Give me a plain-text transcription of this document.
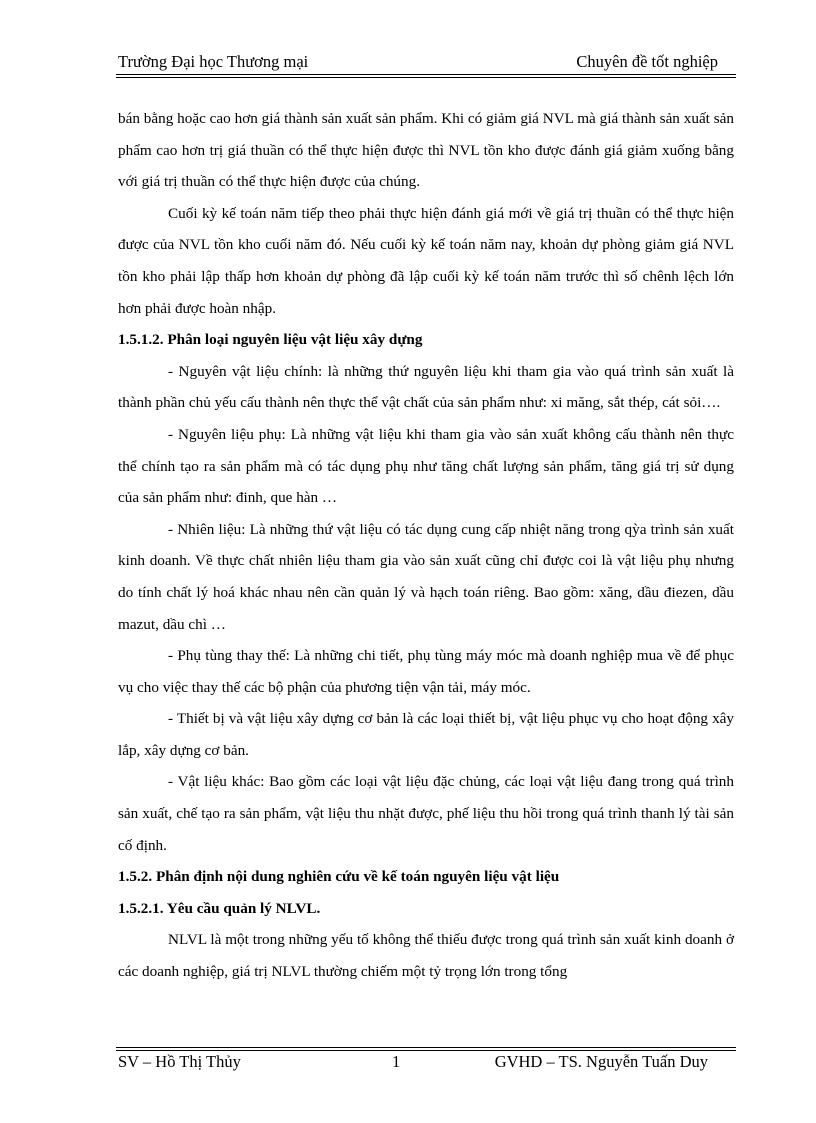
Trường Đại học Thương mại	Chuyên đề tốt nghiệp

bán bằng hoặc cao hơn giá thành sản xuất sản phẩm. Khi có giảm giá NVL mà giá thành sản xuất sản phẩm cao hơn trị giá thuần có thể thực hiện được thì NVL tồn kho được đánh giá giảm xuống bằng với giá trị thuần có thể thực hiện được của chúng.

Cuối kỳ kế toán năm tiếp theo phải thực hiện đánh giá mới về giá trị thuần có thể thực hiện được của NVL tồn kho cuối năm đó. Nếu cuối kỳ kế toán năm nay, khoản dự phòng giảm giá NVL tồn kho phải lập thấp hơn khoản dự phòng đã lập cuối kỳ kế toán năm trước thì số chênh lệch lớn hơn phải được hoàn nhập.

1.5.1.2. Phân loại nguyên liệu vật liệu xây dựng

- Nguyên vật liệu chính: là những thứ nguyên liệu khi tham gia vào quá trình sản xuất là thành phần chủ yếu cấu thành nên thực thể vật chất của sản phẩm như: xi măng, sắt thép, cát sỏi….

- Nguyên liệu phụ: Là những vật liệu khi tham gia vào sản xuất không cấu thành nên thực thể chính tạo ra sản phẩm mà có tác dụng phụ như tăng chất lượng sản phẩm, tăng giá trị sử dụng của sản phẩm như: đinh, que hàn …

- Nhiên liệu: Là những thứ vật liệu có tác dụng cung cấp nhiệt năng trong qỳa trình sản xuất kinh doanh. Về thực chất nhiên liệu tham gia vào sản xuất cũng chỉ được coi là vật liệu phụ nhưng do tính chất lý hoá khác nhau nên cần quản lý và hạch toán riêng. Bao gồm: xăng, dầu điezen, dầu mazut, dầu chì …

- Phụ tùng thay thế: Là những chi tiết, phụ tùng máy móc mà doanh nghiệp mua về để phục vụ cho việc thay thế các bộ phận của phương tiện vận tải, máy móc.

- Thiết bị và vật liệu xây dựng cơ bản là các loại thiết bị, vật liệu phục vụ cho hoạt động xây lắp, xây dựng cơ bản.

- Vật liệu khác: Bao gồm các loại vật liệu đặc chủng, các loại vật liệu đang trong quá trình sản xuất, chế tạo ra sản phẩm, vật liệu thu nhặt được, phế liệu thu hồi trong quá trình thanh lý tài sản cố định.

1.5.2. Phân định nội dung nghiên cứu về kế toán nguyên liệu vật liệu

1.5.2.1. Yêu cầu quản lý NLVL.

NLVL là một trong những yếu tố không thể thiếu được trong quá trình sản xuất kinh doanh ở các doanh nghiệp, giá trị NLVL thường chiếm một tỷ trọng lớn trong tổng

SV – Hồ Thị Thủy	1	GVHD – TS. Nguyễn Tuấn Duy
